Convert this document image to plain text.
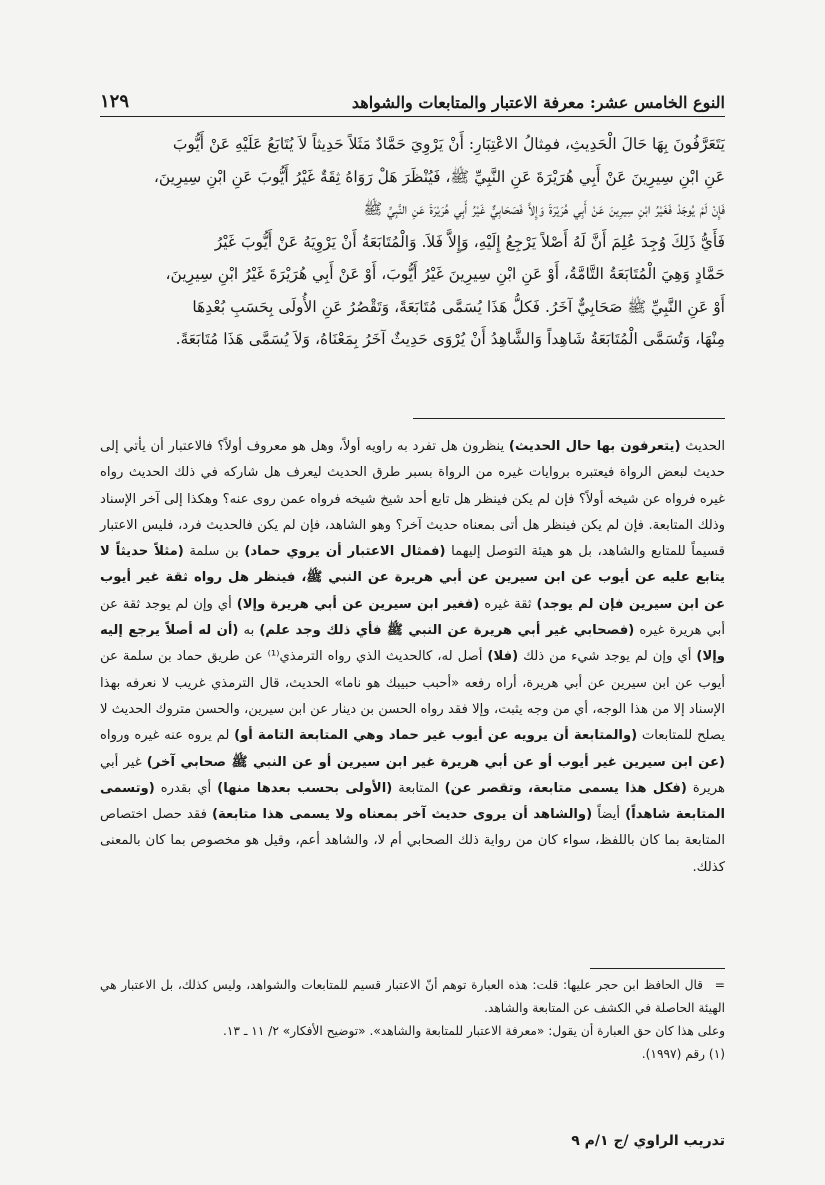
النوع الخامس عشر: معرفة الاعتبار والمتابعات والشواهد
١٢٩

يَتَعَرَّفُونَ بِهَا حَالَ الْحَدِيثِ، فمِثالُ الاعْتِبَارِ: أَنْ يَرْوِيَ حَمَّادٌ مَثَلاً حَدِيثاً لاَ يُتَابَعُ عَلَيْهِ عَنْ أَيُّوبَ

عَنِ ابْنِ سِيرِينَ عَنْ أَبِي هُرَيْرَةَ عَنِ النَّبِيِّ ﷺ، فَيُنْظَرَ هَلْ رَوَاهُ ثِقَةٌ غَيْرُ أَيُّوبَ عَنِ ابْنِ سِيرِينَ،

فَإِنْ لَمْ يُوجَدْ فَغَيْرُ ابْنِ سِيرِينَ عَنْ أَبِي هُرَيْرَةَ وَإِلاَّ فَصَحَابِيٌّ غَيْرُ أَبِي هُرَيْرَةَ عَنِ النَّبِيِّ ﷺ

فَأَيُّ ذَلِكَ وُجِدَ عُلِمَ أَنَّ لَهُ أَصْلاً يَرْجِعُ إِلَيْهِ، وَإِلاَّ فَلاَ. وَالْمُتَابَعَةُ أَنْ يَرْوِيَهُ عَنْ أَيُّوبَ غَيْرُ

حَمَّادٍ وَهِيَ الْمُتَابَعَةُ التَّامَّةُ، أَوْ عَنِ ابْنِ سِيرِينَ غَيْرُ أَيُّوبَ، أَوْ عَنْ أَبِي هُرَيْرَةَ غَيْرُ ابْنِ سِيرِينَ،

أَوْ عَنِ النَّبِيِّ ﷺ صَحَابِيٌّ آخَرُ. فَكلُّ هَذَا يُسَمَّى مُتَابَعَةً، وَتَقْصُرُ عَنِ الأُولَى بِحَسَبِ بُعْدِهَا

مِنْهَا، وَتُسَمَّى الْمُتَابَعَةُ شَاهِداً وَالشَّاهِدُ أَنْ يُرْوَى حَدِيثٌ آخَرُ بِمَعْنَاهُ، وَلاَ يُسَمَّى هَذَا مُتَابَعَةً.

الحديث (يتعرفون بها حال الحديث) ينظرون هل تفرد به راويه أولاً، وهل هو معروف أولاً؟ فالاعتبار أن يأتي إلى حديث لبعض الرواة فيعتبره بروايات غيره من الرواة بسبر طرق الحديث ليعرف هل شاركه في ذلك الحديث رواه غيره فرواه عن شيخه أولاً؟ فإن لم يكن فينظر هل تابع أحد شيخ شيخه فرواه عمن روى عنه؟ وهكذا إلى آخر الإسناد وذلك المتابعة. فإن لم يكن فينظر هل أتى بمعناه حديث آخر؟ وهو الشاهد، فإن لم يكن فالحديث فرد، فليس الاعتبار قسيماً للمتابع والشاهد، بل هو هيئة التوصل إليهما (فمثال الاعتبار أن يروي حماد) بن سلمة (مثلاً حديثاً لا يتابع عليه عن أيوب عن ابن سيرين عن أبي هريرة عن النبي ﷺ، فينظر هل رواه ثقة غير أيوب عن ابن سيرين فإن لم يوجد) ثقة غيره (فغير ابن سيرين عن أبي هريرة وإلا) أي وإن لم يوجد ثقة عن أبي هريرة غيره (فصحابي غير أبي هريرة عن النبي ﷺ فأي ذلك وجد علم) به (أن له أصلاً يرجع إليه وإلا) أي وإن لم يوجد شيء من ذلك (فلا) أصل له، كالحديث الذي رواه الترمذي⁽¹⁾ عن طريق حماد بن سلمة عن أيوب عن ابن سيرين عن أبي هريرة، أراه رفعه «أحبب حبيبك هو ناما» الحديث، قال الترمذي غريب لا نعرفه بهذا الإسناد إلا من هذا الوجه، أي من وجه يثبت، وإلا فقد رواه الحسن بن دينار عن ابن سيرين، والحسن متروك الحديث لا يصلح للمتابعات (والمتابعة أن يرويه عن أيوب غير حماد وهي المتابعة التامة أو) لم يروه عنه غيره ورواه (عن ابن سيرين غير أيوب أو عن أبي هريرة غير ابن سيرين أو عن النبي ﷺ صحابي آخر) غير أبي هريرة (فكل هذا يسمى متابعة، وتقصر عن) المتابعة (الأولى بحسب بعدها منها) أي بقدره (وتسمى المتابعة شاهداً) أيضاً (والشاهد أن يروى حديث آخر بمعناه ولا يسمى هذا متابعة) فقد حصل اختصاص المتابعة بما كان باللفظ، سواء كان من رواية ذلك الصحابي أم لا، والشاهد أعم، وقيل هو مخصوص بما كان بالمعنى كذلك.

=قال الحافظ ابن حجر عليها: قلت: هذه العبارة توهم أنّ الاعتبار قسيم للمتابعات والشواهد، وليس كذلك، بل الاعتبار هي الهيئة الحاصلة في الكشف عن المتابعة والشاهد.

وعلى هذا كان حق العبارة أن يقول: «معرفة الاعتبار للمتابعة والشاهد». «توضيح الأفكار» ٢/ ١١ ـ ١٣.

(١) رقم (١٩٩٧).

تدريب الراوي /ج ١/م ٩
